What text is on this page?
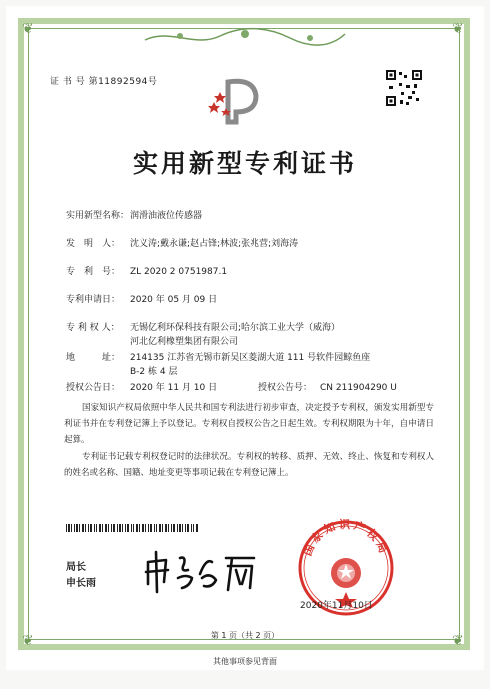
❦	❦
❦	❦
证 书 号 第11892594号
实用新型专利证书
实用新型名称：润滑油液位传感器
发　明　人： 沈义涛;戴永谦;赵占锋;林波;张兆营;刘海涛
专　利　号： ZL 2020 2 0751987.1
专利申请日： 2020 年 05 月 09 日
专 利 权 人： 无锡亿利环保科技有限公司;哈尔滨工业大学（威海）
河北亿利橡塑集团有限公司
地　　　址： 214135 江苏省无锡市新吴区菱湖大道 111 号软件园鲸鱼座
B-2 栋 4 层
授权公告日： 2020 年 11 月 10 日	授权公告号： CN 211904290 U
国家知识产权局依照中华人民共和国专利法进行初步审查，决定授予专利权，颁发实用新型专利证书并在专利登记簿上予以登记。专利权自授权公告之日起生效。专利权期限为十年，自申请日起算。
专利证书记载专利权登记时的法律状况。专利权的转移、质押、无效、终止、恢复和专利权人的姓名或名称、国籍、地址变更等事项记载在专利登记簿上。
局长
申长雨
国家知识产权局
2020年11月10日
第 1 页（共 2 页）
其他事项参见背面
